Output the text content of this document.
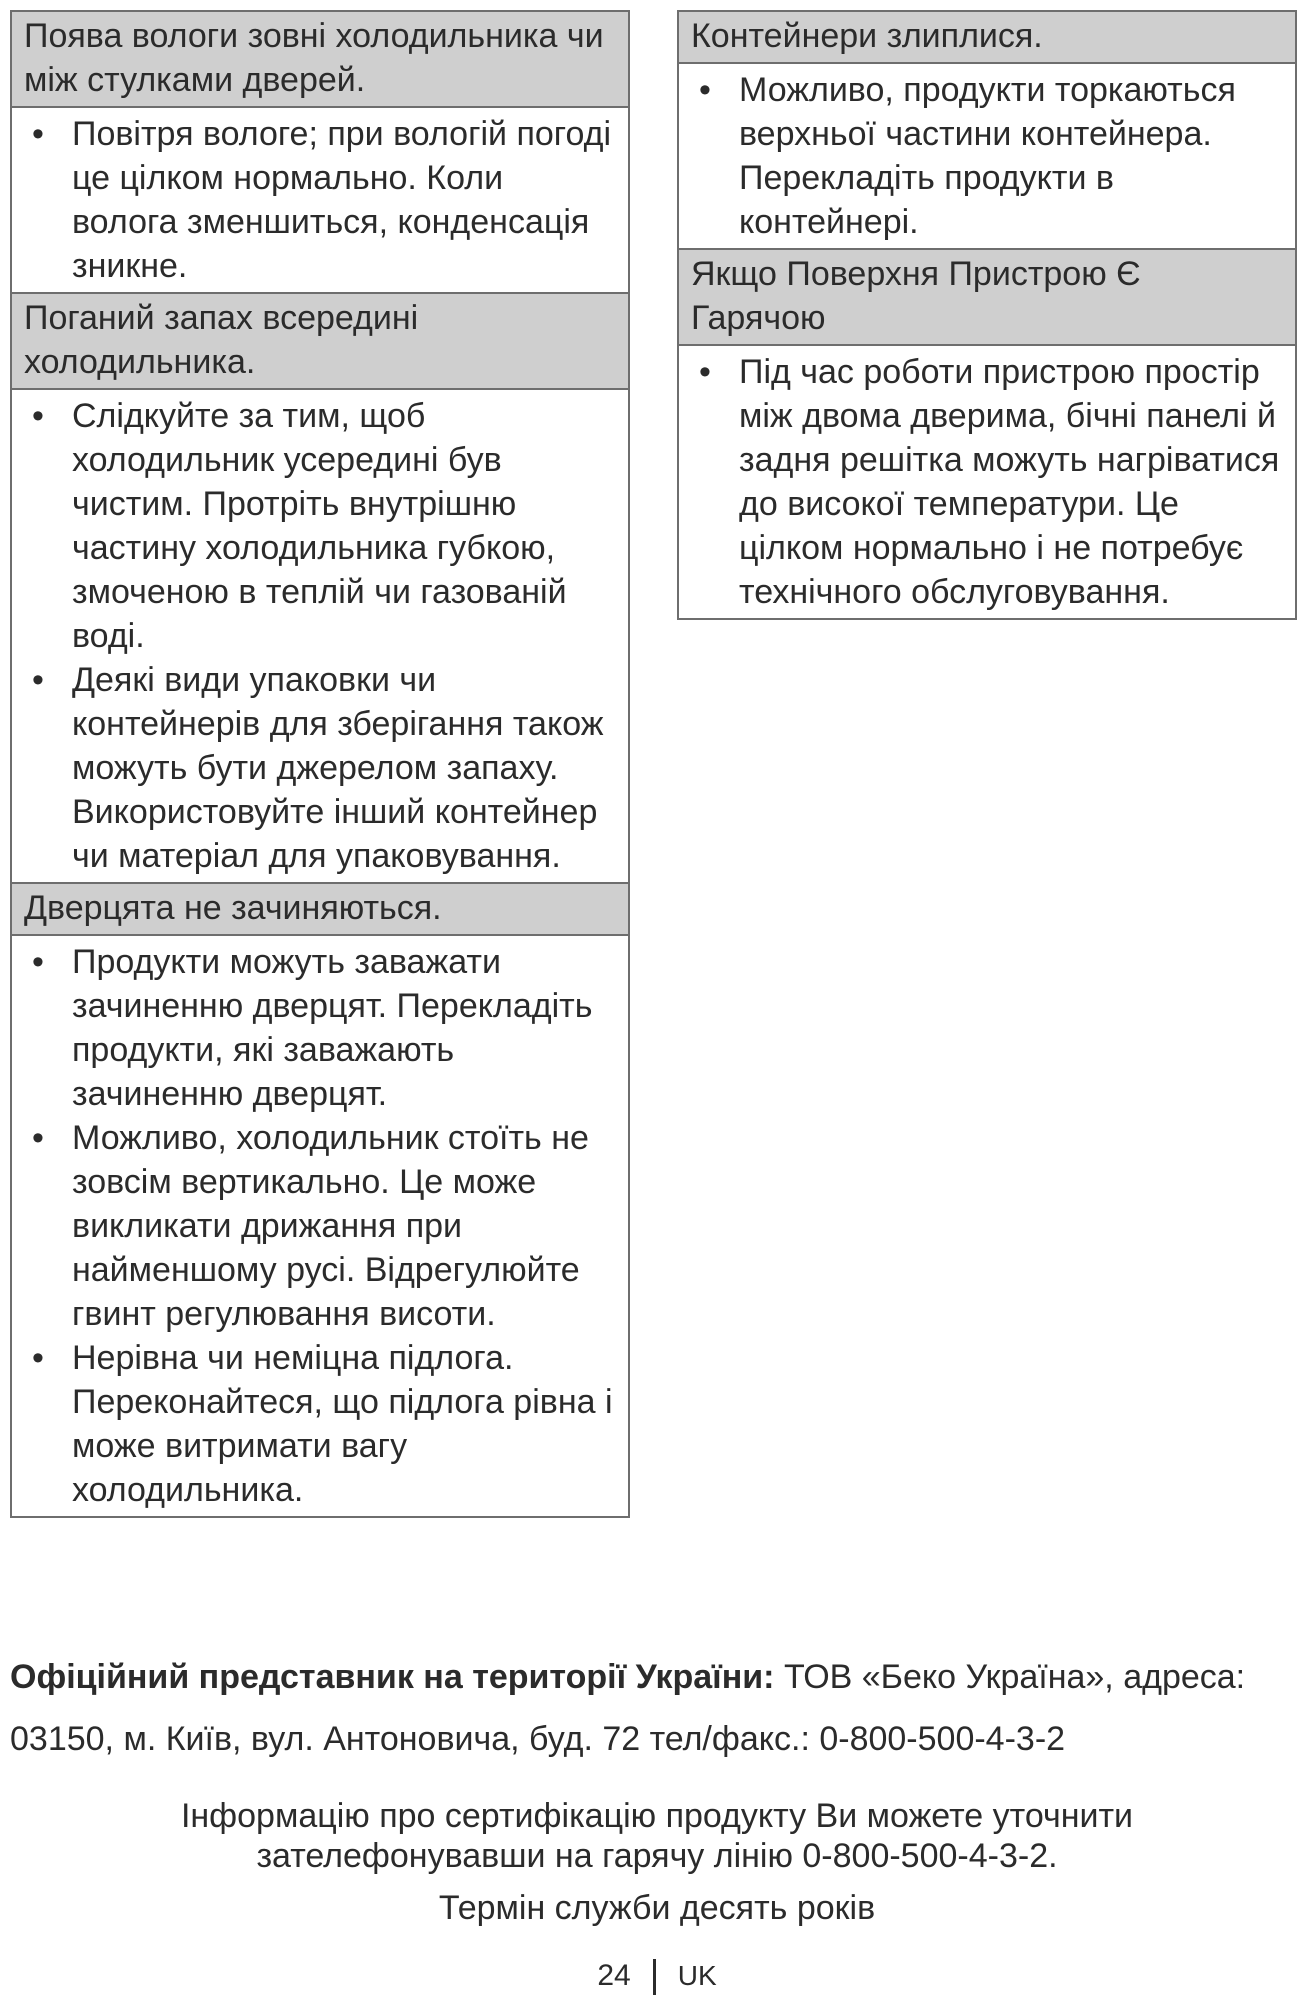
Поява вологи зовні холодильника чи між стулками дверей.
• Повітря вологе; при вологій погоді це цілком нормально. Коли волога зменшиться, конденсація зникне.
Поганий запах всередині холодильника.
• Слідкуйте за тим, щоб холодильник усередині був чистим. Протріть внутрішню частину холодильника губкою, змоченою в теплій чи газованій воді.
• Деякі види упаковки чи контейнерів для зберігання також можуть бути джерелом запаху. Використовуйте інший контейнер чи матеріал для упаковування.
Дверцята не зачиняються.
• Продукти можуть заважати зачиненню дверцят. Перекладіть продукти, які заважають зачиненню дверцят.
• Можливо, холодильник стоїть не зовсім вертикально. Це може викликати дрижання при найменшому русі. Відрегулюйте гвинт регулювання висоти.
• Нерівна чи неміцна підлога. Переконайтеся, що підлога рівна і може витримати вагу холодильника.
Контейнери злиплися.
• Можливо, продукти торкаються верхньої частини контейнера. Перекладіть продукти в контейнері.
Якщо Поверхня Пристрою Є Гарячою
• Під час роботи пристрою простір між двома дверима, бічні панелі й задня решітка можуть нагріватися до високої температури. Це цілком нормально і не потребує технічного обслуговування.
Офіційний представник на території України: ТОВ «Беко Україна», адреса: 03150, м. Київ, вул. Антоновича, буд. 72 тел/факс.: 0-800-500-4-3-2
Інформацію про сертифікацію продукту Ви можете уточнити
зателефонувавши на гарячу лінію 0-800-500-4-3-2.
Термін служби десять років
24 UK
